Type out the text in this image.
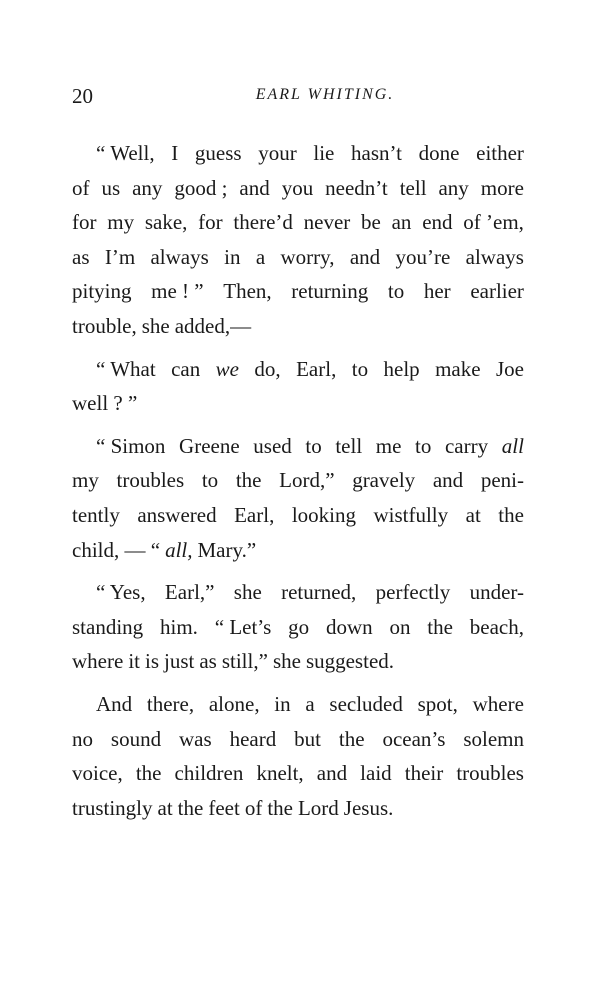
20	EARL WHITING.
“ Well, I guess your lie hasn’t done either
of us any good ; and you needn’t tell any more
for my sake, for there’d never be an end of ’em,
as I’m always in a worry, and you’re always
pitying me ! ” Then, returning to her earlier
trouble, she added,—
“ What can we do, Earl, to help make Joe
well ? ”
“ Simon Greene used to tell me to carry all
my troubles to the Lord,” gravely and peni-
tently answered Earl, looking wistfully at the
child, — “ all, Mary.”
“ Yes, Earl,” she returned, perfectly under-
standing him. “ Let’s go down on the beach,
where it is just as still,” she suggested.
And there, alone, in a secluded spot, where
no sound was heard but the ocean’s solemn
voice, the children knelt, and laid their troubles
trustingly at the feet of the Lord Jesus.
